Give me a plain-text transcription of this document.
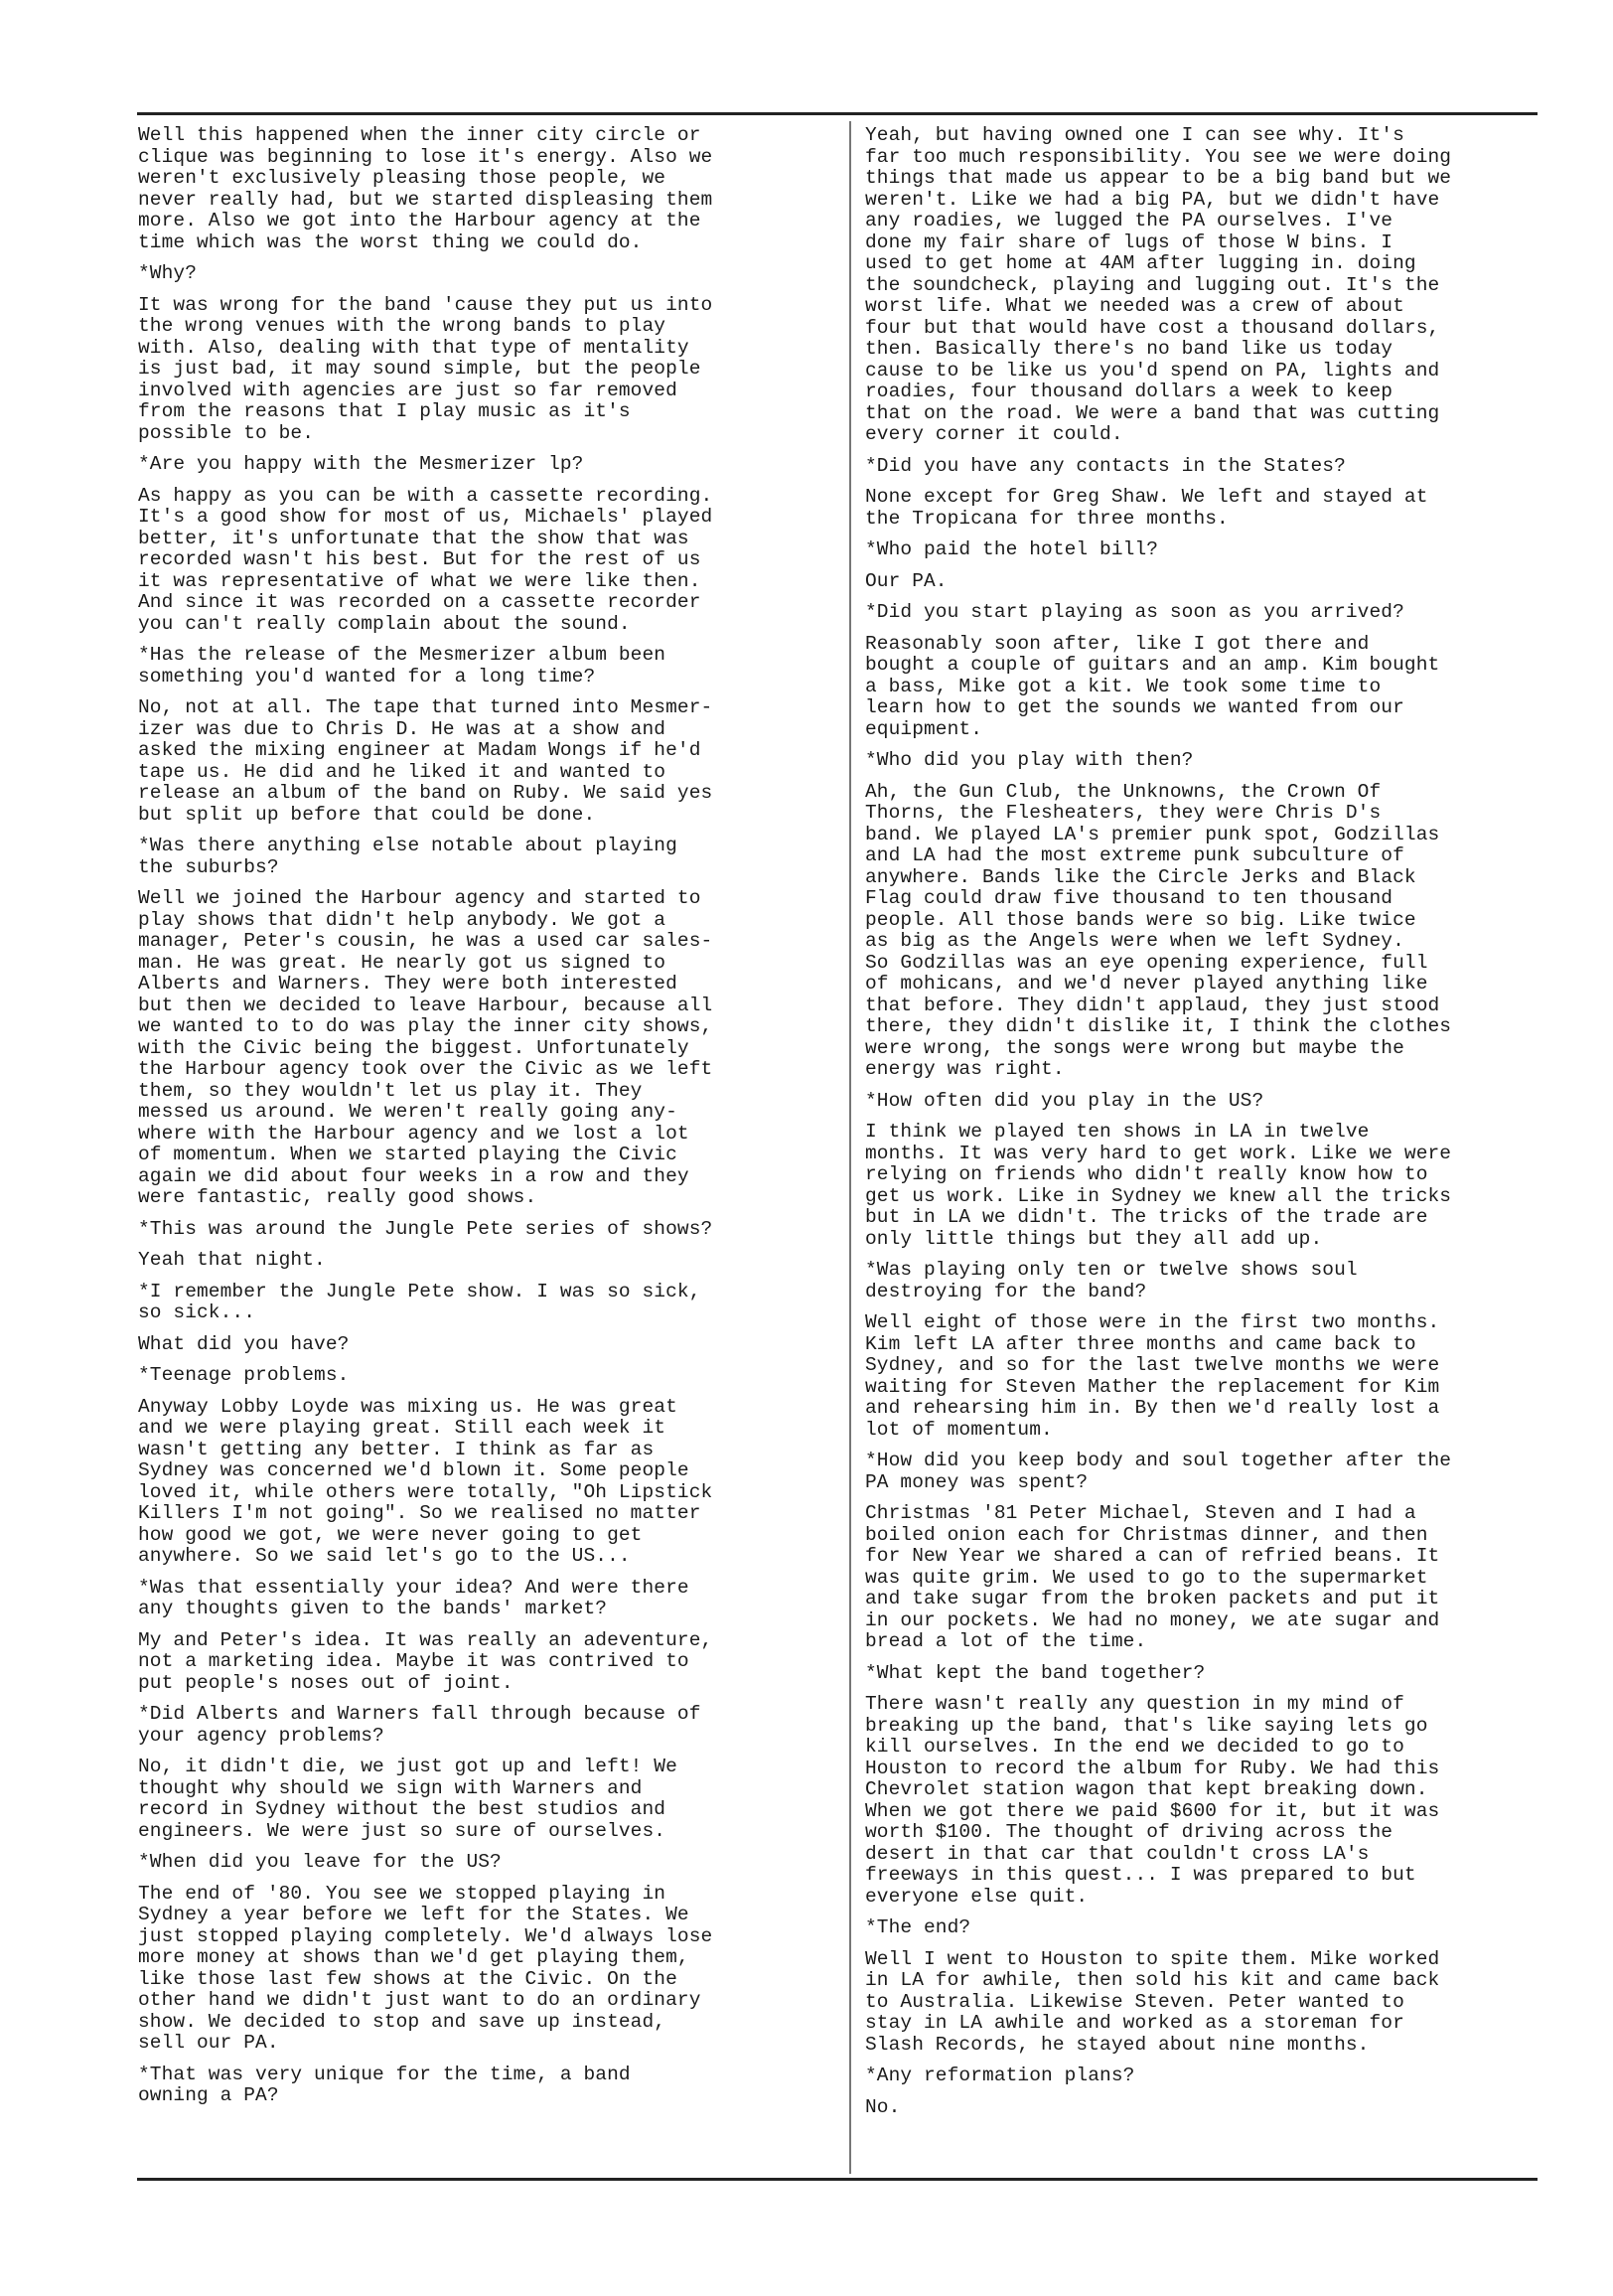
Well this happened when the inner city circle or
clique was beginning to lose it's energy. Also we
weren't exclusively pleasing those people, we
never really had, but we started displeasing them
more. Also we got into the Harbour agency at the
time which was the worst thing we could do.
*Why?
It was wrong for the band 'cause they put us into
the wrong venues with the wrong bands to play
with. Also, dealing with that type of mentality
is just bad, it may sound simple, but the people
involved with agencies are just so far removed
from the reasons that I play music as it's
possible to be.
*Are you happy with the Mesmerizer lp?
As happy as you can be with a cassette recording.
It's a good show for most of us, Michaels' played
better, it's unfortunate that the show that was
recorded wasn't his best. But for the rest of us
it was representative of what we were like then.
And since it was recorded on a cassette recorder
you can't really complain about the sound.
*Has the release of the Mesmerizer album been
something you'd wanted for a long time?
No, not at all. The tape that turned into Mesmer-
izer was due to Chris D. He was at a show and
asked the mixing engineer at Madam Wongs if he'd
tape us. He did and he liked it and wanted to
release an album of the band on Ruby. We said yes
but split up before that could be done.
*Was there anything else notable about playing
the suburbs?
Well we joined the Harbour agency and started to
play shows that didn't help anybody. We got a
manager, Peter's cousin, he was a used car sales-
man. He was great. He nearly got us signed to
Alberts and Warners. They were both interested
but then we decided to leave Harbour, because all
we wanted to to do was play the inner city shows,
with the Civic being the biggest. Unfortunately
the Harbour agency took over the Civic as we left
them, so they wouldn't let us play it. They
messed us around. We weren't really going any-
where with the Harbour agency and we lost a lot
of momentum. When we started playing the Civic
again we did about four weeks in a row and they
were fantastic, really good shows.
*This was around the Jungle Pete series of shows?
Yeah that night.
*I remember the Jungle Pete show. I was so sick,
so sick...
What did you have?
*Teenage problems.
Anyway Lobby Loyde was mixing us. He was great
and we were playing great. Still each week it
wasn't getting any better. I think as far as
Sydney was concerned we'd blown it. Some people
loved it, while others were totally, "Oh Lipstick
Killers I'm not going". So we realised no matter
how good we got, we were never going to get
anywhere. So we said let's go to the US...
*Was that essentially your idea? And were there
any thoughts given to the bands' market?
My and Peter's idea. It was really an adeventure,
not a marketing idea. Maybe it was contrived to
put people's noses out of joint.
*Did Alberts and Warners fall through because of
your agency problems?
No, it didn't die, we just got up and left! We
thought why should we sign with Warners and
record in Sydney without the best studios and
engineers. We were just so sure of ourselves.
*When did you leave for the US?
The end of '80. You see we stopped playing in
Sydney a year before we left for the States. We
just stopped playing completely. We'd always lose
more money at shows than we'd get playing them,
like those last few shows at the Civic. On the
other hand we didn't just want to do an ordinary
show. We decided to stop and save up instead,
sell our PA.
*That was very unique for the time, a band
owning a PA?
Yeah, but having owned one I can see why. It's
far too much responsibility. You see we were doing
things that made us appear to be a big band but we
weren't. Like we had a big PA, but we didn't have
any roadies, we lugged the PA ourselves. I've
done my fair share of lugs of those W bins. I
used to get home at 4AM after lugging in. doing
the soundcheck, playing and lugging out. It's the
worst life. What we needed was a crew of about
four but that would have cost a thousand dollars,
then. Basically there's no band like us today
cause to be like us you'd spend on PA, lights and
roadies, four thousand dollars a week to keep
that on the road. We were a band that was cutting
every corner it could.
*Did you have any contacts in the States?
None except for Greg Shaw. We left and stayed at
the Tropicana for three months.
*Who paid the hotel bill?
Our PA.
*Did you start playing as soon as you arrived?
Reasonably soon after, like I got there and
bought a couple of guitars and an amp. Kim bought
a bass, Mike got a kit. We took some time to
learn how to get the sounds we wanted from our
equipment.
*Who did you play with then?
Ah, the Gun Club, the Unknowns, the Crown Of
Thorns, the Flesheaters, they were Chris D's
band. We played LA's premier punk spot, Godzillas
and LA had the most extreme punk subculture of
anywhere. Bands like the Circle Jerks and Black
Flag could draw five thousand to ten thousand
people. All those bands were so big. Like twice
as big as the Angels were when we left Sydney.
So Godzillas was an eye opening experience, full
of mohicans, and we'd never played anything like
that before. They didn't applaud, they just stood
there, they didn't dislike it, I think the clothes
were wrong, the songs were wrong but maybe the
energy was right.
*How often did you play in the US?
I think we played ten shows in LA in twelve
months. It was very hard to get work. Like we were
relying on friends who didn't really know how to
get us work. Like in Sydney we knew all the tricks
but in LA we didn't. The tricks of the trade are
only little things but they all add up.
*Was playing only ten or twelve shows soul
destroying for the band?
Well eight of those were in the first two months.
Kim left LA after three months and came back to
Sydney, and so for the last twelve months we were
waiting for Steven Mather the replacement for Kim
and rehearsing him in. By then we'd really lost a
lot of momentum.
*How did you keep body and soul together after the
PA money was spent?
Christmas '81 Peter Michael, Steven and I had a
boiled onion each for Christmas dinner, and then
for New Year we shared a can of refried beans. It
was quite grim. We used to go to the supermarket
and take sugar from the broken packets and put it
in our pockets. We had no money, we ate sugar and
bread a lot of the time.
*What kept the band together?
There wasn't really any question in my mind of
breaking up the band, that's like saying lets go
kill ourselves. In the end we decided to go to
Houston to record the album for Ruby. We had this
Chevrolet station wagon that kept breaking down.
When we got there we paid $600 for it, but it was
worth $100. The thought of driving across the
desert in that car that couldn't cross LA's
freeways in this quest... I was prepared to but
everyone else quit.
*The end?
Well I went to Houston to spite them. Mike worked
in LA for awhile, then sold his kit and came back
to Australia. Likewise Steven. Peter wanted to
stay in LA awhile and worked as a storeman for
Slash Records, he stayed about nine months.
*Any reformation plans?
No.
